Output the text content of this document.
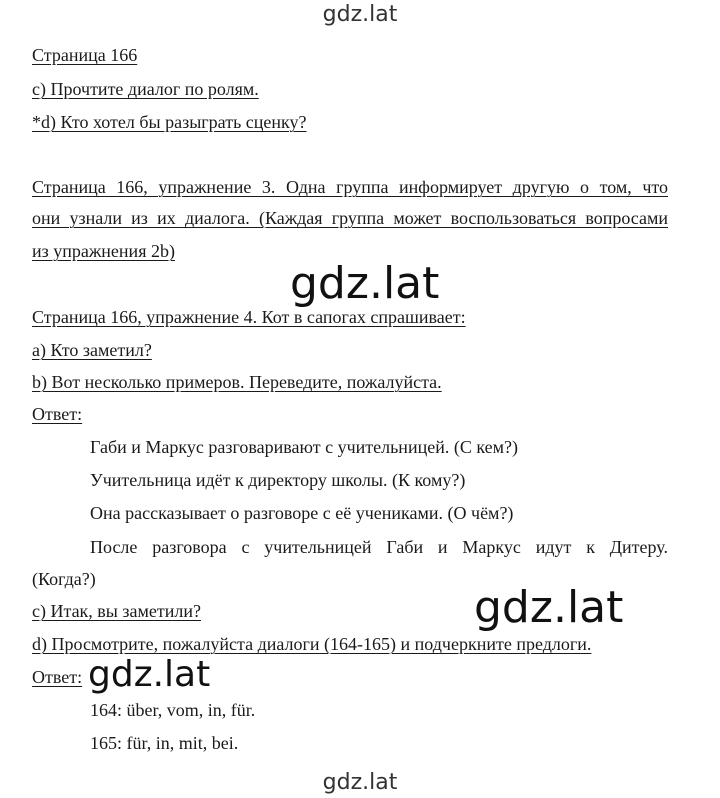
gdz.lat
Страница 166
с) Прочтите диалог по ролям.
*d) Кто хотел бы разыграть сценку?
Страница 166, упражнение 3. Одна группа информирует другую о том, что
они узнали из их диалога. (Каждая группа может воспользоваться вопросами
из упражнения 2b)
gdz.lat
Страница 166, упражнение 4. Кот в сапогах спрашивает:
а) Кто заметил?
b) Вот несколько примеров. Переведите, пожалуйста.
Ответ:
Габи и Маркус разговаривают с учительницей. (С кем?)
Учительница идёт к директору школы. (К кому?)
Она рассказывает о разговоре с её учениками. (О чём?)
После разговора с учительницей Габи и Маркус идут к Дитеру.
(Когда?)
gdz.lat
с) Итак, вы заметили?
d) Просмотрите, пожалуйста диалоги (164-165) и подчеркните предлоги.
Ответ: gdz.lat
164: über, vom, in, für.
165: für, in, mit, bei.
gdz.lat
